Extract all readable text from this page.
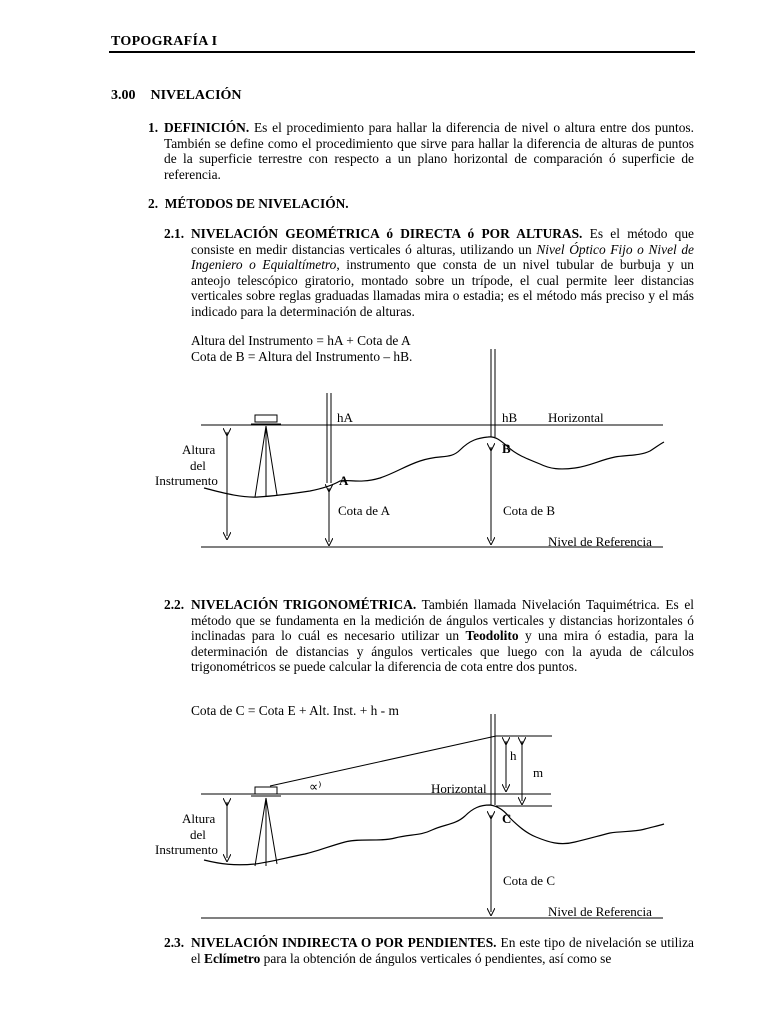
TOPOGRAFÍA I
3.00 NIVELACIÓN
1. DEFINICIÓN. Es el procedimiento para hallar la diferencia de nivel o altura entre dos puntos. También se define como el procedimiento que sirve para hallar la diferencia de alturas de puntos de la superficie terrestre con respecto a un plano horizontal de comparación ó superficie de referencia.
2. MÉTODOS DE NIVELACIÓN.
2.1. NIVELACIÓN GEOMÉTRICA ó DIRECTA ó POR ALTURAS. Es el método que consiste en medir distancias verticales ó alturas, utilizando un Nivel Óptico Fijo o Nivel de Ingeniero o Equialtímetro, instrumento que consta de un nivel tubular de burbuja y un anteojo telescópico giratorio, montado sobre un trípode, el cual permite leer distancias verticales sobre reglas graduadas llamadas mira o estadia; es el método más preciso y el más indicado para la determinación de alturas.
Altura del Instrumento = hA + Cota de A
Cota de B = Altura del Instrumento – hB.
hA	hB Horizontal
Altura
del
Instrumento	A
B
Cota de A	Cota de B
Nivel de Referencia
2.2. NIVELACIÓN TRIGONOMÉTRICA. También llamada Nivelación Taquimétrica. Es el método que se fundamenta en la medición de ángulos verticales y distancias horizontales ó inclinadas para lo cuál es necesario utilizar un Teodolito y una mira ó estadia, para la determinación de distancias y ángulos verticales que luego con la ayuda de cálculos trigonométricos se puede calcular la diferencia de cota entre dos puntos.
Cota de C = Cota E + Alt. Inst. + h - m
∝⁾	Horizontal
h
m
Altura
del
Instrumento
C
Cota de C
Nivel de Referencia
2.3. NIVELACIÓN INDIRECTA O POR PENDIENTES. En este tipo de nivelación se utiliza el Eclímetro para la obtención de ángulos verticales ó pendientes, así como se
